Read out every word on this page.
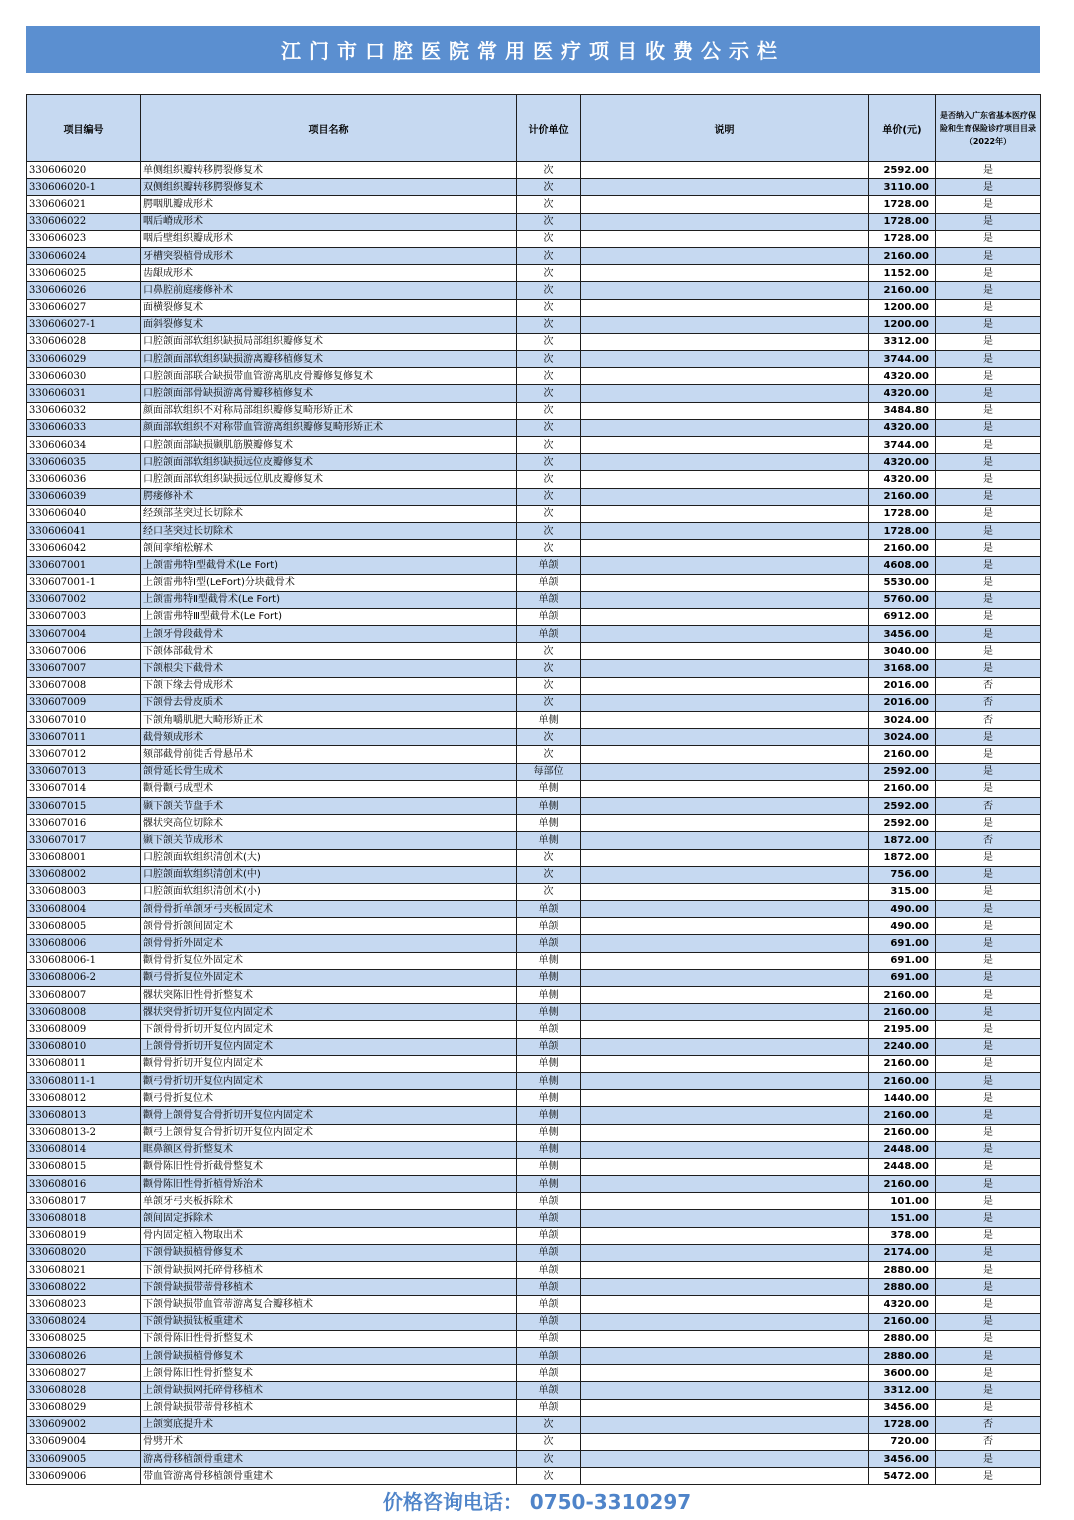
江门市口腔医院常用医疗项目收费公示栏
项目编号	项目名称	计价单位	说明	单价(元)	是否纳入广东省基本医疗保险和生育保险诊疗项目目录（2022年）
330606020	单侧组织瓣转移腭裂修复术	次		2592.00	是
330606020-1	双侧组织瓣转移腭裂修复术	次		3110.00	是
330606021	腭咽肌瓣成形术	次		1728.00	是
330606022	咽后嵴成形术	次		1728.00	是
330606023	咽后壁组织瓣成形术	次		1728.00	是
330606024	牙槽突裂植骨成形术	次		2160.00	是
330606025	齿龈成形术	次		1152.00	是
330606026	口鼻腔前庭瘘修补术	次		2160.00	是
330606027	面横裂修复术	次		1200.00	是
330606027-1	面斜裂修复术	次		1200.00	是
330606028	口腔颌面部软组织缺损局部组织瓣修复术	次		3312.00	是
330606029	口腔颌面部软组织缺损游离瓣移植修复术	次		3744.00	是
330606030	口腔颌面部联合缺损带血管游离肌皮骨瓣修复修复术	次		4320.00	是
330606031	口腔颌面部骨缺损游离骨瓣移植修复术	次		4320.00	是
330606032	颜面部软组织不对称局部组织瓣修复畸形矫正术	次		3484.80	是
330606033	颜面部软组织不对称带血管游离组织瓣修复畸形矫正术	次		4320.00	是
330606034	口腔颌面部缺损颞肌筋膜瓣修复术	次		3744.00	是
330606035	口腔颌面部软组织缺损远位皮瓣修复术	次		4320.00	是
330606036	口腔颌面部软组织缺损远位肌皮瓣修复术	次		4320.00	是
330606039	腭瘘修补术	次		2160.00	是
330606040	经颈部茎突过长切除术	次		1728.00	是
330606041	经口茎突过长切除术	次		1728.00	是
330606042	颌间挛缩松解术	次		2160.00	是
330607001	上颌雷弗特I型截骨术(Le Fort)	单颌		4608.00	是
330607001-1	上颌雷弗特I型(LeFort)分块截骨术	单颌		5530.00	是
330607002	上颌雷弗特Ⅱ型截骨术(Le Fort)	单颌		5760.00	是
330607003	上颌雷弗特Ⅲ型截骨术(Le Fort)	单颌		6912.00	是
330607004	上颌牙骨段截骨术	单颌		3456.00	是
330607006	下颌体部截骨术	次		3040.00	是
330607007	下颌根尖下截骨术	次		3168.00	是
330607008	下颌下缘去骨成形术	次		2016.00	否
330607009	下颌骨去骨皮质术	次		2016.00	否
330607010	下颌角嚼肌肥大畸形矫正术	单侧		3024.00	否
330607011	截骨颏成形术	次		3024.00	是
330607012	颏部截骨前徙舌骨悬吊术	次		2160.00	是
330607013	颌骨延长骨生成术	每部位		2592.00	是
330607014	颧骨颧弓成型术	单侧		2160.00	是
330607015	颞下颌关节盘手术	单侧		2592.00	否
330607016	髁状突高位切除术	单侧		2592.00	是
330607017	颞下颌关节成形术	单侧		1872.00	否
330608001	口腔颌面软组织清创术(大)	次		1872.00	是
330608002	口腔颌面软组织清创术(中)	次		756.00	是
330608003	口腔颌面软组织清创术(小)	次		315.00	是
330608004	颌骨骨折单颌牙弓夹板固定术	单颌		490.00	是
330608005	颌骨骨折颌间固定术	单颌		490.00	是
330608006	颌骨骨折外固定术	单颌		691.00	是
330608006-1	颧骨骨折复位外固定术	单侧		691.00	是
330608006-2	颧弓骨折复位外固定术	单侧		691.00	是
330608007	髁状突陈旧性骨折整复术	单侧		2160.00	是
330608008	髁状突骨折切开复位内固定术	单侧		2160.00	是
330608009	下颌骨骨折切开复位内固定术	单颌		2195.00	是
330608010	上颌骨骨折切开复位内固定术	单颌		2240.00	是
330608011	颧骨骨折切开复位内固定术	单侧		2160.00	是
330608011-1	颧弓骨折切开复位内固定术	单侧		2160.00	是
330608012	颧弓骨折复位术	单侧		1440.00	是
330608013	颧骨上颌骨复合骨折切开复位内固定术	单侧		2160.00	是
330608013-2	颧弓上颌骨复合骨折切开复位内固定术	单侧		2160.00	是
330608014	眶鼻额区骨折整复术	单侧		2448.00	是
330608015	颧骨陈旧性骨折截骨整复术	单侧		2448.00	是
330608016	颧骨陈旧性骨折植骨矫治术	单侧		2160.00	是
330608017	单颌牙弓夹板拆除术	单颌		101.00	是
330608018	颌间固定拆除术	单颌		151.00	是
330608019	骨内固定植入物取出术	单颌		378.00	是
330608020	下颌骨缺损植骨修复术	单颌		2174.00	是
330608021	下颌骨缺损网托碎骨移植术	单颌		2880.00	是
330608022	下颌骨缺损带蒂骨移植术	单颌		2880.00	是
330608023	下颌骨缺损带血管蒂游离复合瓣移植术	单颌		4320.00	是
330608024	下颌骨缺损钛板重建术	单颌		2160.00	是
330608025	下颌骨陈旧性骨折整复术	单颌		2880.00	是
330608026	上颌骨缺损植骨修复术	单颌		2880.00	是
330608027	上颌骨陈旧性骨折整复术	单颌		3600.00	是
330608028	上颌骨缺损网托碎骨移植术	单颌		3312.00	是
330608029	上颌骨缺损带蒂骨移植术	单颌		3456.00	是
330609002	上颌窦底提升术	次		1728.00	否
330609004	骨劈开术	次		720.00	否
330609005	游离骨移植颌骨重建术	次		3456.00	是
330609006	带血管游离骨移植颌骨重建术	次		5472.00	是
价格咨询电话： 0750-3310297
